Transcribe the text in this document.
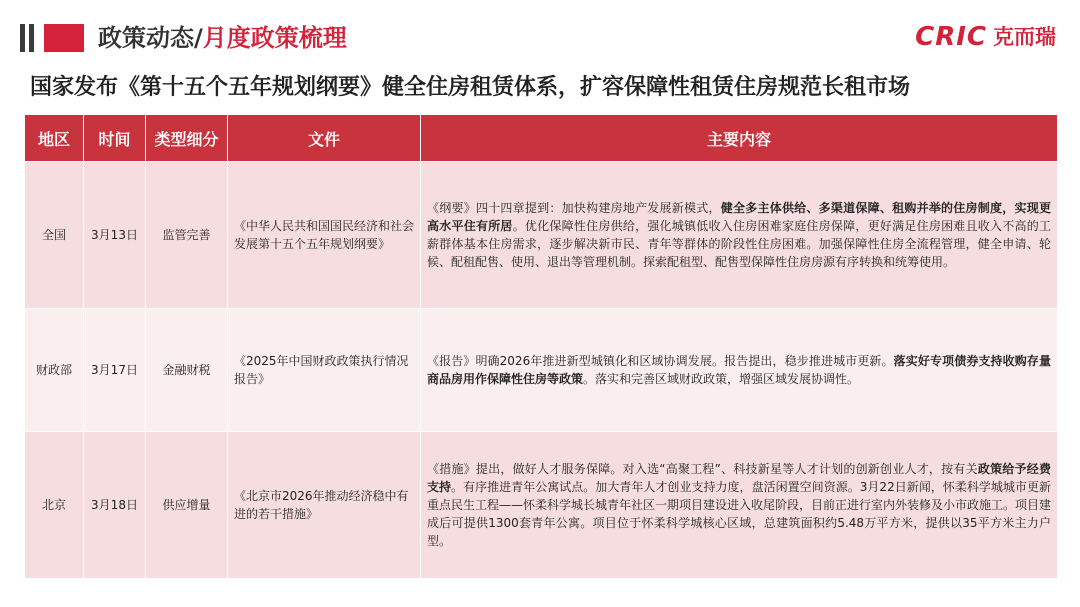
政策动态/月度政策梳理	CRIC 克而瑞
国家发布《第十五个五年规划纲要》健全住房租赁体系，扩容保障性租赁住房规范长租市场
地区	时间	类型细分	文件	主要内容
全国	3月13日	监管完善	《中华人民共和国国民经济和社会发展第十五个五年规划纲要》	《纲要》四十四章提到：加快构建房地产发展新模式，健全多主体供给、多渠道保障、租购并举的住房制度，实现更高水平住有所居。优化保障性住房供给，强化城镇低收入住房困难家庭住房保障，更好满足住房困难且收入不高的工薪群体基本住房需求，逐步解决新市民、青年等群体的阶段性住房困难。加强保障性住房全流程管理，健全申请、轮候、配租配售、使用、退出等管理机制。探索配租型、配售型保障性住房房源有序转换和统筹使用。
财政部	3月17日	金融财税	《2025年中国财政政策执行情况报告》	《报告》明确2026年推进新型城镇化和区域协调发展。报告提出，稳步推进城市更新。落实好专项债券支持收购存量商品房用作保障性住房等政策。落实和完善区域财政政策，增强区域发展协调性。
北京	3月18日	供应增量	《北京市2026年推动经济稳中有进的若干措施》	《措施》提出，做好人才服务保障。对入选“高聚工程”、科技新星等人才计划的创新创业人才，按有关政策给予经费支持。有序推进青年公寓试点。加大青年人才创业支持力度，盘活闲置空间资源。3月22日新闻，怀柔科学城城市更新重点民生工程——怀柔科学城长城青年社区一期项目建设进入收尾阶段，目前正进行室内外装修及小市政施工。项目建成后可提供1300套青年公寓。项目位于怀柔科学城核心区域，总建筑面积约5.48万平方米，提供以35平方米主力户型。
